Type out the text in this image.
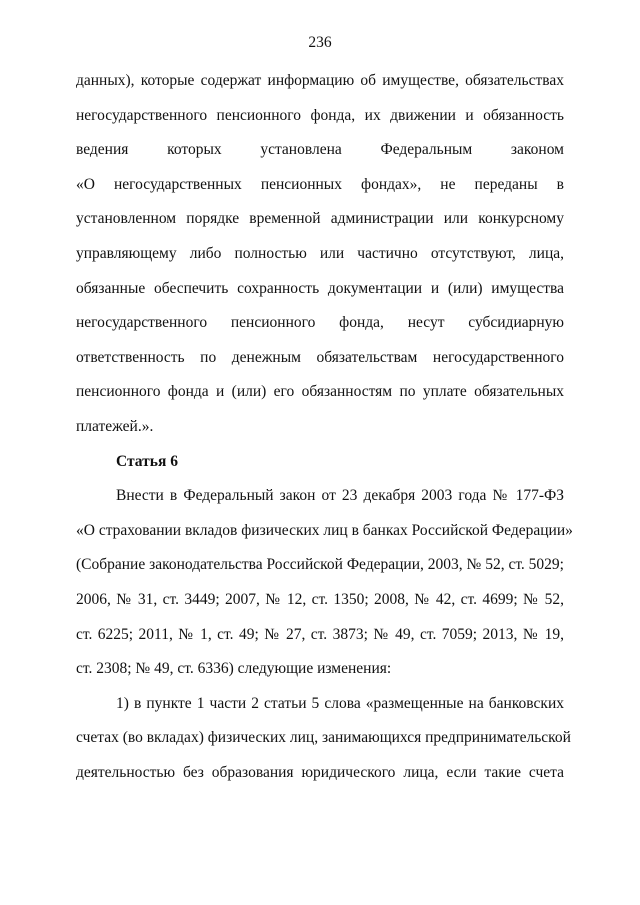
236
данных), которые содержат информацию об имуществе, обязательствах
негосударственного пенсионного фонда, их движении и обязанность
ведения которых установлена Федеральным законом
«О негосударственных пенсионных фондах», не переданы в
установленном порядке временной администрации или конкурсному
управляющему либо полностью или частично отсутствуют, лица,
обязанные обеспечить сохранность документации и (или) имущества
негосударственного пенсионного фонда, несут субсидиарную
ответственность по денежным обязательствам негосударственного
пенсионного фонда и (или) его обязанностям по уплате обязательных
платежей.».
Статья 6
Внести в Федеральный закон от 23 декабря 2003 года № 177-ФЗ
«О страховании вкладов физических лиц в банках Российской Федерации»
(Собрание законодательства Российской Федерации, 2003, № 52, ст. 5029;
2006, № 31, ст. 3449; 2007, № 12, ст. 1350; 2008, № 42, ст. 4699; № 52,
ст. 6225; 2011, № 1, ст. 49; № 27, ст. 3873; № 49, ст. 7059; 2013, № 19,
ст. 2308; № 49, ст. 6336) следующие изменения:
1) в пункте 1 части 2 статьи 5 слова «размещенные на банковских
счетах (во вкладах) физических лиц, занимающихся предпринимательской
деятельностью без образования юридического лица, если такие счета
